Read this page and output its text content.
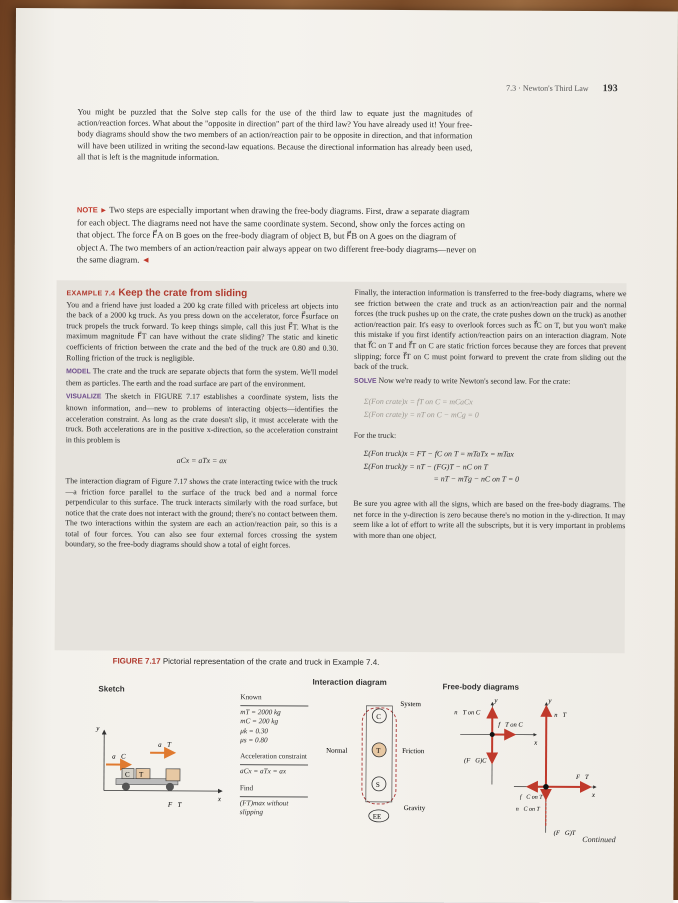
7.3 · Newton's Third Law 193
You might be puzzled that the Solve step calls for the use of the third law to equate just the magnitudes of action/reaction forces. What about the "opposite in direction" part of the third law? You have already used it! Your free-body diagrams should show the two members of an action/reaction pair to be opposite in direction, and that information will have been utilized in writing the second-law equations. Because the directional information has already been used, all that is left is the magnitude information.
NOTE ► Two steps are especially important when drawing the free-body diagrams. First, draw a separate diagram for each object. The diagrams need not have the same coordinate system. Second, show only the forces acting on that object. The force F⃗A on B goes on the free-body diagram of object B, but F⃗B on A goes on the diagram of object A. The two members of an action/reaction pair always appear on two different free-body diagrams—never on the same diagram. ◄
EXAMPLE 7.4 Keep the crate from sliding
You and a friend have just loaded a 200 kg crate filled with priceless art objects into the back of a 2000 kg truck. As you press down on the accelerator, force F⃗surface on truck propels the truck forward. To keep things simple, call this just F⃗T. What is the maximum magnitude F⃗T can have without the crate sliding? The static and kinetic coefficients of friction between the crate and the bed of the truck are 0.80 and 0.30. Rolling friction of the truck is negligible.
MODEL The crate and the truck are separate objects that form the system. We'll model them as particles. The earth and the road surface are part of the environment.
VISUALIZE The sketch in FIGURE 7.17 establishes a coordinate system, lists the known information, and—new to problems of interacting objects—identifies the acceleration constraint. As long as the crate doesn't slip, it must accelerate with the truck. Both accelerations are in the positive x-direction, so the acceleration constraint in this problem is
aCx = aTx = ax
The interaction diagram of Figure 7.17 shows the crate interacting twice with the truck—a friction force parallel to the surface of the truck bed and a normal force perpendicular to this surface. The truck interacts similarly with the road surface, but notice that the crate does not interact with the ground; there's no contact between them. The two interactions within the system are each an action/reaction pair, so this is a total of four forces. You can also see four external forces crossing the system boundary, so the free-body diagrams should show a total of eight forces.
Finally, the interaction information is transferred to the free-body diagrams, where we see friction between the crate and truck as an action/reaction pair and the normal forces (the truck pushes up on the crate, the crate pushes down on the truck) as another action/reaction pair. It's easy to overlook forces such as f⃗C on T, but you won't make this mistake if you first identify action/reaction pairs on an interaction diagram. Note that f⃗C on T and f⃗T on C are static friction forces because they are forces that prevent slipping; force f⃗T on C must point forward to prevent the crate from sliding out the back of the truck.
SOLVE Now we're ready to write Newton's second law. For the crate:
Σ(Fon crate)x = fT on C = mCaCx
Σ(Fon crate)y = nT on C − mCg = 0
For the truck:
Σ(Fon truck)x = FT − fC on T = mTaTx = mTax
Σ(Fon truck)y = nT − (FG)T − nC on T
= nT − mTg − nC on T = 0
Be sure you agree with all the signs, which are based on the free-body diagrams. The net force in the y-direction is zero because there's no motion in the y-direction. It may seem like a lot of effort to write all the subscripts, but it is very important in problems with more than one object.
FIGURE 7.17 Pictorial representation of the crate and truck in Example 7.4.
Sketch
Interaction diagram	Free-body diagrams
y
x
a⃗T
a⃗C
C T
F⃗T
Known
mT = 2000 kg
mC = 200 kg
μk = 0.30
μs = 0.80
Acceleration constraint
aCx = aTx = ax
Find
(FT)max without slipping
C
T
S
EE
System
Normal	Friction
Gravity
y
x
n⃗T on C
f⃗T on C
(F⃗G)C
y
x
n⃗T
F⃗T
f⃗C on T
n⃗C on T
(F⃗G)T
Continued
